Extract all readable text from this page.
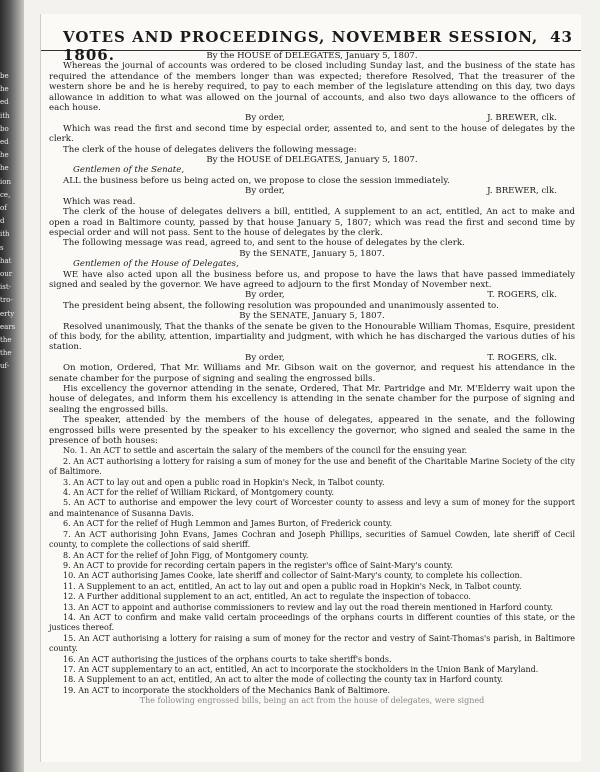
be
he
ed
ith
bo
ed
he
he
ion
ce,
of
d
ith
s
hat
our
ist-
tro-
erty
ears
the
the
uf-
VOTES AND PROCEEDINGS, NOVEMBER SESSION, 1806.
43

By the HOUSE of DELEGATES, January 5, 1807.

Whereas the journal of accounts was ordered to be closed including Sunday last, and the business of the state has required the attendance of the members longer than was expected; therefore Resolved, That the treasurer of the western shore be and he is hereby required, to pay to each member of the legislature attending on this day, two days allowance in addition to what was allowed on the journal of accounts, and also two days allowance to the officers of each house.

By order,	J. BREWER, clk.

Which was read the first and second time by especial order, assented to, and sent to the house of delegates by the clerk.

The clerk of the house of delegates delivers the following message:

By the HOUSE of DELEGATES, January 5, 1807.

Gentlemen of the Senate,

ALL the business before us being acted on, we propose to close the session immediately.

By order,	J. BREWER, clk.

Which was read.

The clerk of the house of delegates delivers a bill, entitled, A supplement to an act, entitled, An act to make and open a road in Baltimore county, passed by that house January 5, 1807; which was read the first and second time by especial order and will not pass. Sent to the house of delegates by the clerk.

The following message was read, agreed to, and sent to the house of delegates by the clerk.

By the SENATE, January 5, 1807.

Gentlemen of the House of Delegates,

WE have also acted upon all the business before us, and propose to have the laws that have passed immediately signed and sealed by the governor. We have agreed to adjourn to the first Monday of November next.

By order,	T. ROGERS, clk.

The president being absent, the following resolution was propounded and unanimously assented to.

By the SENATE, January 5, 1807.

Resolved unanimously, That the thanks of the senate be given to the Honourable William Thomas, Esquire, president of this body, for the ability, attention, impartiality and judgment, with which he has discharged the various duties of his station.

By order,	T. ROGERS, clk.

On motion, Ordered, That Mr. Williams and Mr. Gibson wait on the governor, and request his attendance in the senate chamber for the purpose of signing and sealing the engrossed bills.

His excellency the governor attending in the senate, Ordered, That Mr. Partridge and Mr. M'Elderry wait upon the house of delegates, and inform them his excellency is attending in the senate chamber for the purpose of signing and sealing the engrossed bills.

The speaker, attended by the members of the house of delegates, appeared in the senate, and the following engrossed bills were presented by the speaker to his excellency the governor, who signed and sealed the same in the presence of both houses:

No. 1. An ACT to settle and ascertain the salary of the members of the council for the ensuing year.

2. An ACT authorising a lottery for raising a sum of money for the use and benefit of the Charitable Marine Society of the city of Baltimore.

3. An ACT to lay out and open a public road in Hopkin's Neck, in Talbot county.

4. An ACT for the relief of William Rickard, of Montgomery county.

5. An ACT to authorise and empower the levy court of Worcester county to assess and levy a sum of money for the support and maintenance of Susanna Davis.

6. An ACT for the relief of Hugh Lemmon and James Burton, of Frederick county.

7. An ACT authorising John Evans, James Cochran and Joseph Phillips, securities of Samuel Cowden, late sheriff of Cecil county, to complete the collections of said sheriff.

8. An ACT for the relief of John Figg, of Montgomery county.

9. An ACT to provide for recording certain papers in the register's office of Saint-Mary's county.

10. An ACT authorising James Cooke, late sheriff and collector of Saint-Mary's county, to complete his collection.

11. A Supplement to an act, entitled, An act to lay out and open a public road in Hopkin's Neck, in Talbot county.

12. A Further additional supplement to an act, entitled, An act to regulate the inspection of tobacco.

13. An ACT to appoint and authorise commissioners to review and lay out the road therein mentioned in Harford county.

14. An ACT to confirm and make valid certain proceedings of the orphans courts in different counties of this state, or the justices thereof.

15. An ACT authorising a lottery for raising a sum of money for the rector and vestry of Saint-Thomas's parish, in Baltimore county.

16. An ACT authorising the justices of the orphans courts to take sheriff's bonds.

17. An ACT supplementary to an act, entitled, An act to incorporate the stockholders in the Union Bank of Maryland.

18. A Supplement to an act, entitled, An act to alter the mode of collecting the county tax in Harford county.

19. An ACT to incorporate the stockholders of the Mechanics Bank of Baltimore.

The following engrossed bills, being an act from the house of delegates, were signed
